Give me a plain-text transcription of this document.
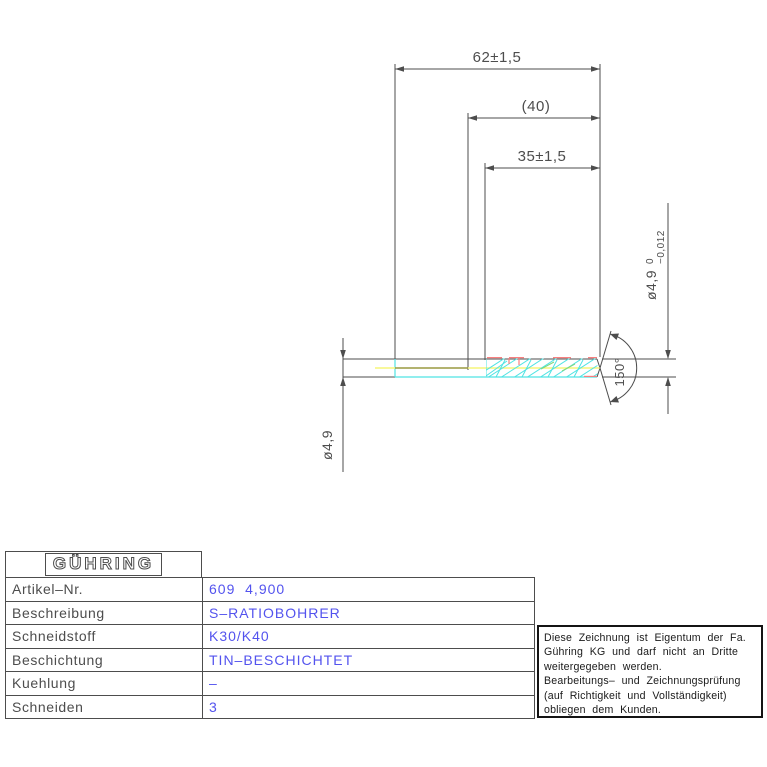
62±1,5
(40)
35±1,5
ø4,9
ø4,9
0 −0,012
150°
GÜHRING
Artikel–Nr.	609  4,900
Beschreibung	S–RATIOBOHRER
Schneidstoff	K30/K40
Beschichtung	TIN–BESCHICHTET
Kuehlung	–
Schneiden	3
Diese Zeichnung ist Eigentum der Fa.
Gühring KG und darf nicht an Dritte
weitergegeben werden.
Bearbeitungs– und Zeichnungsprüfung
(auf Richtigkeit und Vollständigkeit)
obliegen dem Kunden.
